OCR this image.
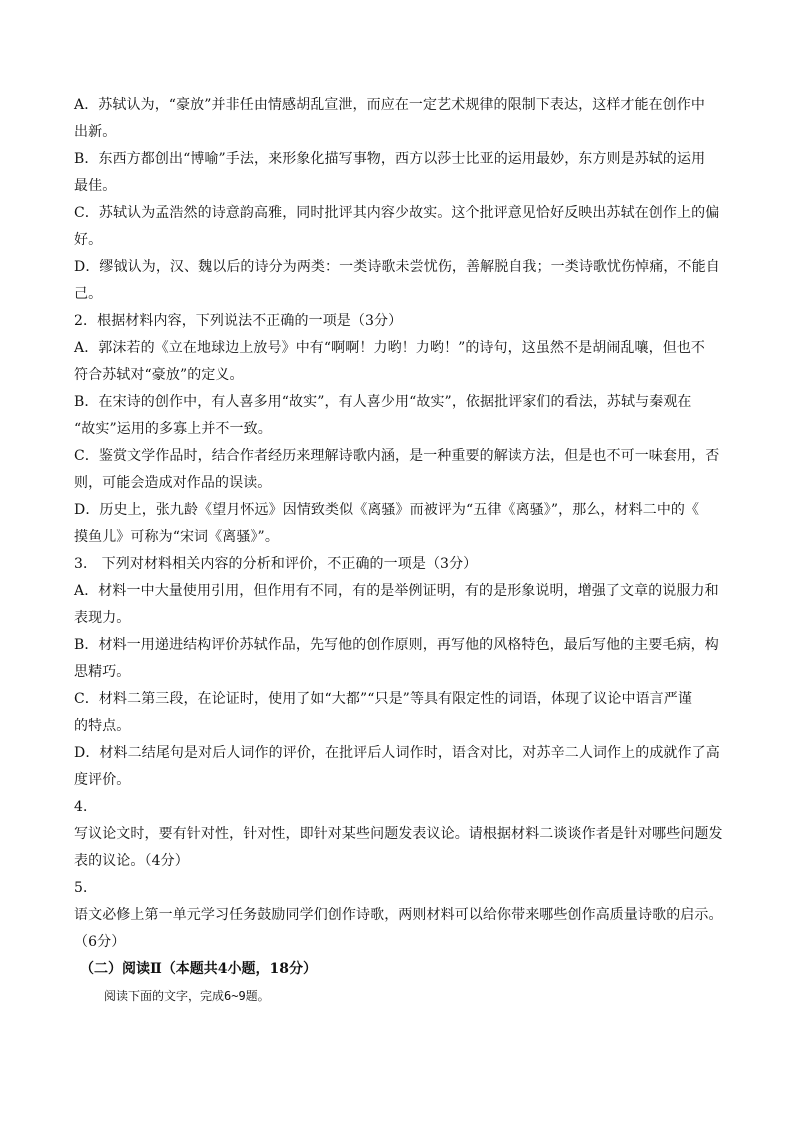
A．苏轼认为，“豪放”并非任由情感胡乱宣泄，而应在一定艺术规律的限制下表达，这样才能在创作中
出新。
B．东西方都创出“博喻”手法，来形象化描写事物，西方以莎士比亚的运用最妙，东方则是苏轼的运用
最佳。
C．苏轼认为孟浩然的诗意韵高雅，同时批评其内容少故实。这个批评意见恰好反映出苏轼在创作上的偏
好。
D．缪钺认为，汉、魏以后的诗分为两类：一类诗歌未尝忧伤，善解脱自我；一类诗歌忧伤悼痛，不能自
己。
2．根据材料内容，下列说法不正确的一项是（3分）
A．郭沫若的《立在地球边上放号》中有“啊啊！力哟！力哟！”的诗句，这虽然不是胡闹乱嚷，但也不
符合苏轼对“豪放”的定义。
B．在宋诗的创作中，有人喜多用“故实”，有人喜少用“故实”，依据批评家们的看法，苏轼与秦观在
“故实”运用的多寡上并不一致。
C．鉴赏文学作品时，结合作者经历来理解诗歌内涵，是一种重要的解读方法，但是也不可一味套用，否
则，可能会造成对作品的误读。
D．历史上，张九龄《望月怀远》因情致类似《离骚》而被评为“五律《离骚》”，那么，材料二中的《
摸鱼儿》可称为“宋词《离骚》”。
3． 下列对材料相关内容的分析和评价，不正确的一项是（3分）
A．材料一中大量使用引用，但作用有不同，有的是举例证明，有的是形象说明，增强了文章的说服力和
表现力。
B．材料一用递进结构评价苏轼作品，先写他的创作原则，再写他的风格特色，最后写他的主要毛病，构
思精巧。
C．材料二第三段，在论证时，使用了如“大都”“只是”等具有限定性的词语，体现了议论中语言严谨
的特点。
D．材料二结尾句是对后人词作的评价，在批评后人词作时，语含对比，对苏辛二人词作上的成就作了高
度评价。
4．
写议论文时，要有针对性，针对性，即针对某些问题发表议论。请根据材料二谈谈作者是针对哪些问题发
表的议论。（4分）
5．
语文必修上第一单元学习任务鼓励同学们创作诗歌，两则材料可以给你带来哪些创作高质量诗歌的启示。
（6分）
（二）阅读Ⅱ（本题共4小题，18分）
阅读下面的文字，完成6~9题。
